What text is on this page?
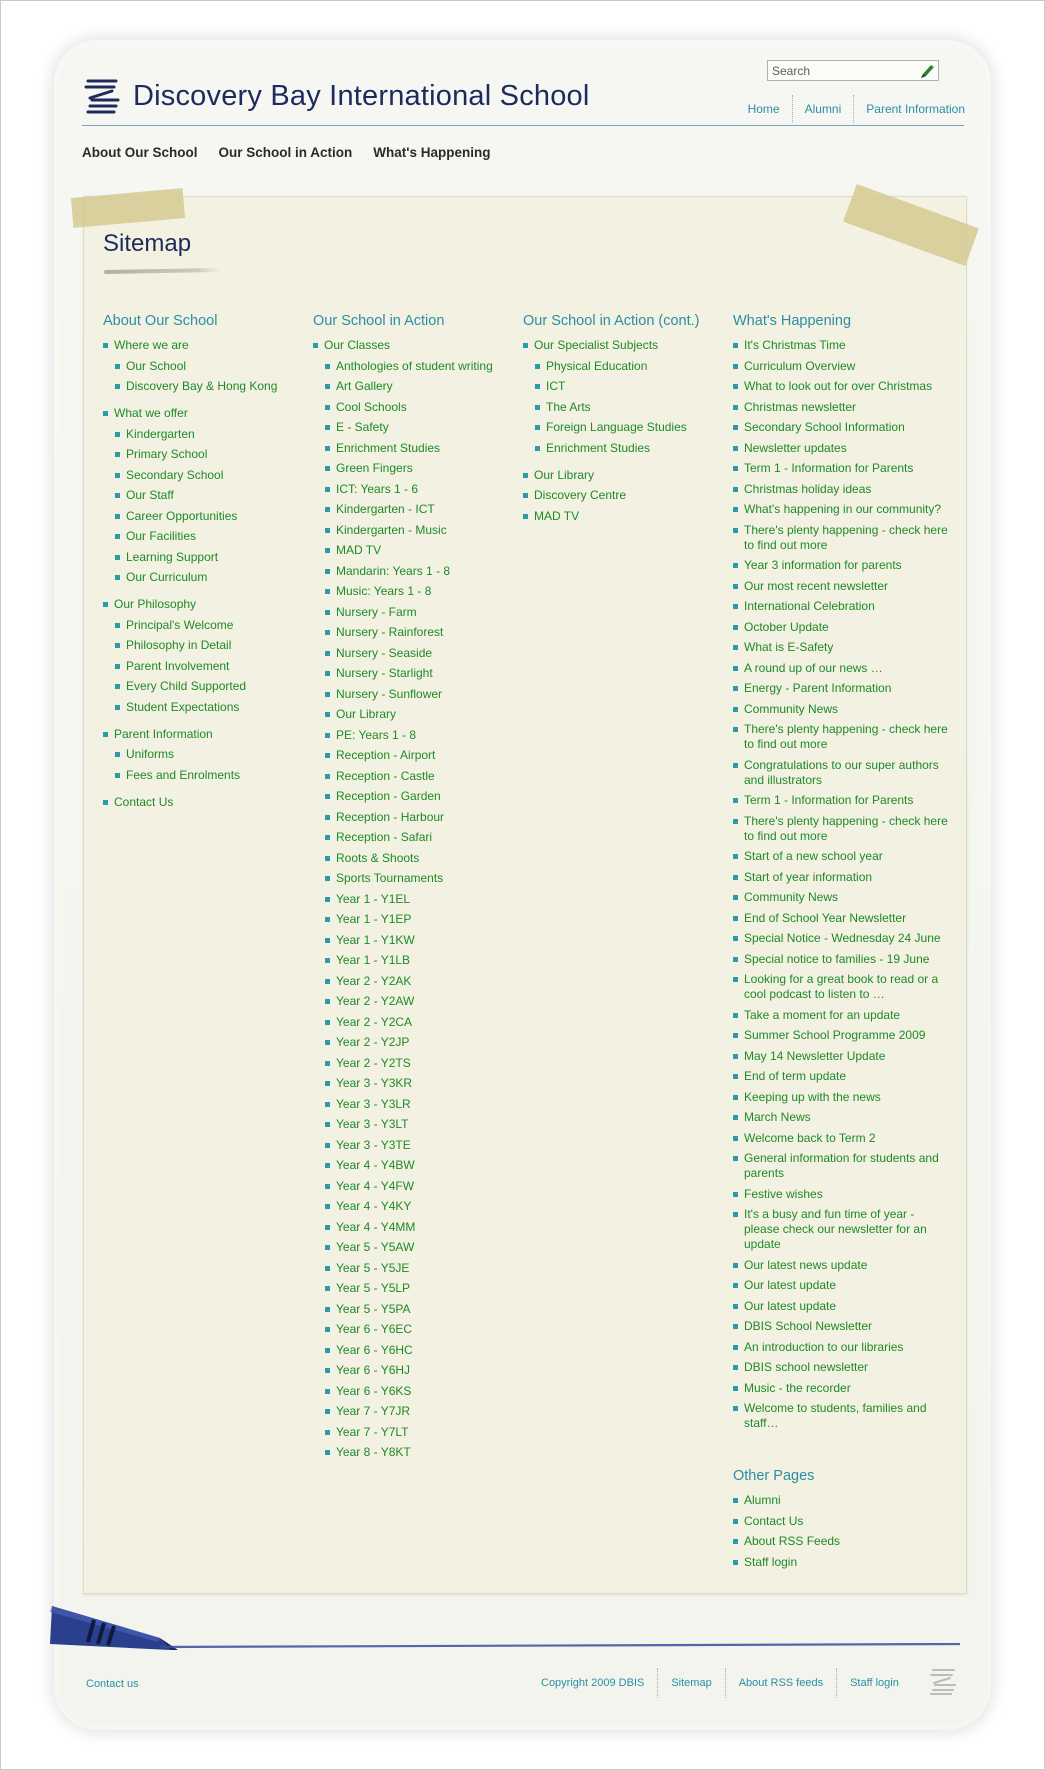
Discovery Bay International School
Search	Home	Alumni	Parent Information
About Our School Our School in Action What's Happening
Sitemap
About Our School
Where we are
Our School
Discovery Bay & Hong Kong
What we offer
Kindergarten
Primary School
Secondary School
Our Staff
Career Opportunities
Our Facilities
Learning Support
Our Curriculum
Our Philosophy
Principal's Welcome
Philosophy in Detail
Parent Involvement
Every Child Supported
Student Expectations
Parent Information
Uniforms
Fees and Enrolments
Contact Us
Our School in Action
Our Classes
Anthologies of student writing
Art Gallery
Cool Schools
E - Safety
Enrichment Studies
Green Fingers
ICT: Years 1 - 6
Kindergarten - ICT
Kindergarten - Music
MAD TV
Mandarin: Years 1 - 8
Music: Years 1 - 8
Nursery - Farm
Nursery - Rainforest
Nursery - Seaside
Nursery - Starlight
Nursery - Sunflower
Our Library
PE: Years 1 - 8
Reception - Airport
Reception - Castle
Reception - Garden
Reception - Harbour
Reception - Safari
Roots & Shoots
Sports Tournaments
Year 1 - Y1EL
Year 1 - Y1EP
Year 1 - Y1KW
Year 1 - Y1LB
Year 2 - Y2AK
Year 2 - Y2AW
Year 2 - Y2CA
Year 2 - Y2JP
Year 2 - Y2TS
Year 3 - Y3KR
Year 3 - Y3LR
Year 3 - Y3LT
Year 3 - Y3TE
Year 4 - Y4BW
Year 4 - Y4FW
Year 4 - Y4KY
Year 4 - Y4MM
Year 5 - Y5AW
Year 5 - Y5JE
Year 5 - Y5LP
Year 5 - Y5PA
Year 6 - Y6EC
Year 6 - Y6HC
Year 6 - Y6HJ
Year 6 - Y6KS
Year 7 - Y7JR
Year 7 - Y7LT
Year 8 - Y8KT
Our School in Action (cont.)
Our Specialist Subjects
Physical Education
ICT
The Arts
Foreign Language Studies
Enrichment Studies
Our Library
Discovery Centre
MAD TV
What's Happening
It's Christmas Time
Curriculum Overview
What to look out for over Christmas
Christmas newsletter
Secondary School Information
Newsletter updates
Term 1 - Information for Parents
Christmas holiday ideas
What's happening in our community?
There's plenty happening - check here to find out more
Year 3 information for parents
Our most recent newsletter
International Celebration
October Update
What is E-Safety
A round up of our news …
Energy - Parent Information
Community News
There's plenty happening - check here to find out more
Congratulations to our super authors and illustrators
Term 1 - Information for Parents
There's plenty happening - check here to find out more
Start of a new school year
Start of year information
Community News
End of School Year Newsletter
Special Notice - Wednesday 24 June
Special notice to families - 19 June
Looking for a great book to read or a cool podcast to listen to …
Take a moment for an update
Summer School Programme 2009
May 14 Newsletter Update
End of term update
Keeping up with the news
March News
Welcome back to Term 2
General information for students and parents
Festive wishes
It's a busy and fun time of year - please check our newsletter for an update
Our latest news update
Our latest update
Our latest update
DBIS School Newsletter
An introduction to our libraries
DBIS school newsletter
Music - the recorder
Welcome to students, families and staff…
Other Pages
Alumni
Contact Us
About RSS Feeds
Staff login
Contact us	Copyright 2009 DBIS	Sitemap	About RSS feeds	Staff login
